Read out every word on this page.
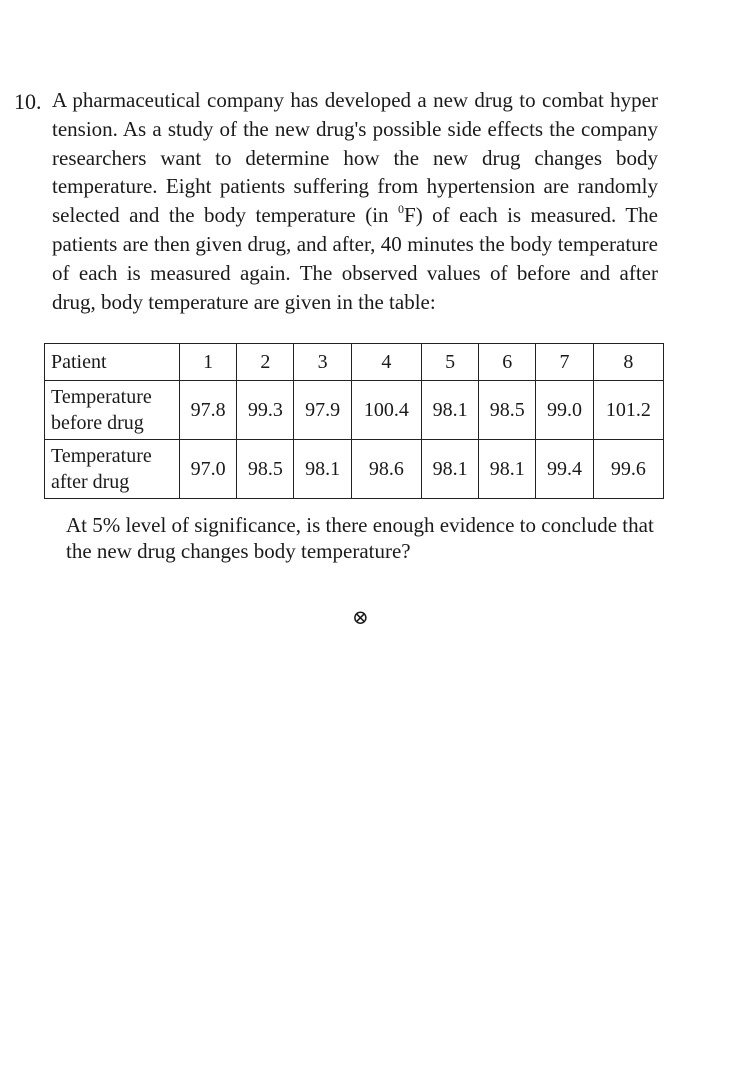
10. A pharmaceutical company has developed a new drug to combat hyper tension. As a study of the new drug's possible side effects the company researchers want to determine how the new drug changes body temperature. Eight patients suffering from hypertension are randomly selected and the body temperature (in $^0$F) of each is measured. The patients are then given drug, and after, 40 minutes the body temperature of each is measured again. The observed values of before and after drug, body temperature are given in the table:
Patient	1	2	3	4	5	6	7	8
Temperature before drug	97.8	99.3	97.9	100.4	98.1	98.5	99.0	101.2
Temperature after drug	97.0	98.5	98.1	98.6	98.1	98.1	99.4	99.6
At 5% level of significance, is there enough evidence to conclude that the new drug changes body temperature?
⊗
